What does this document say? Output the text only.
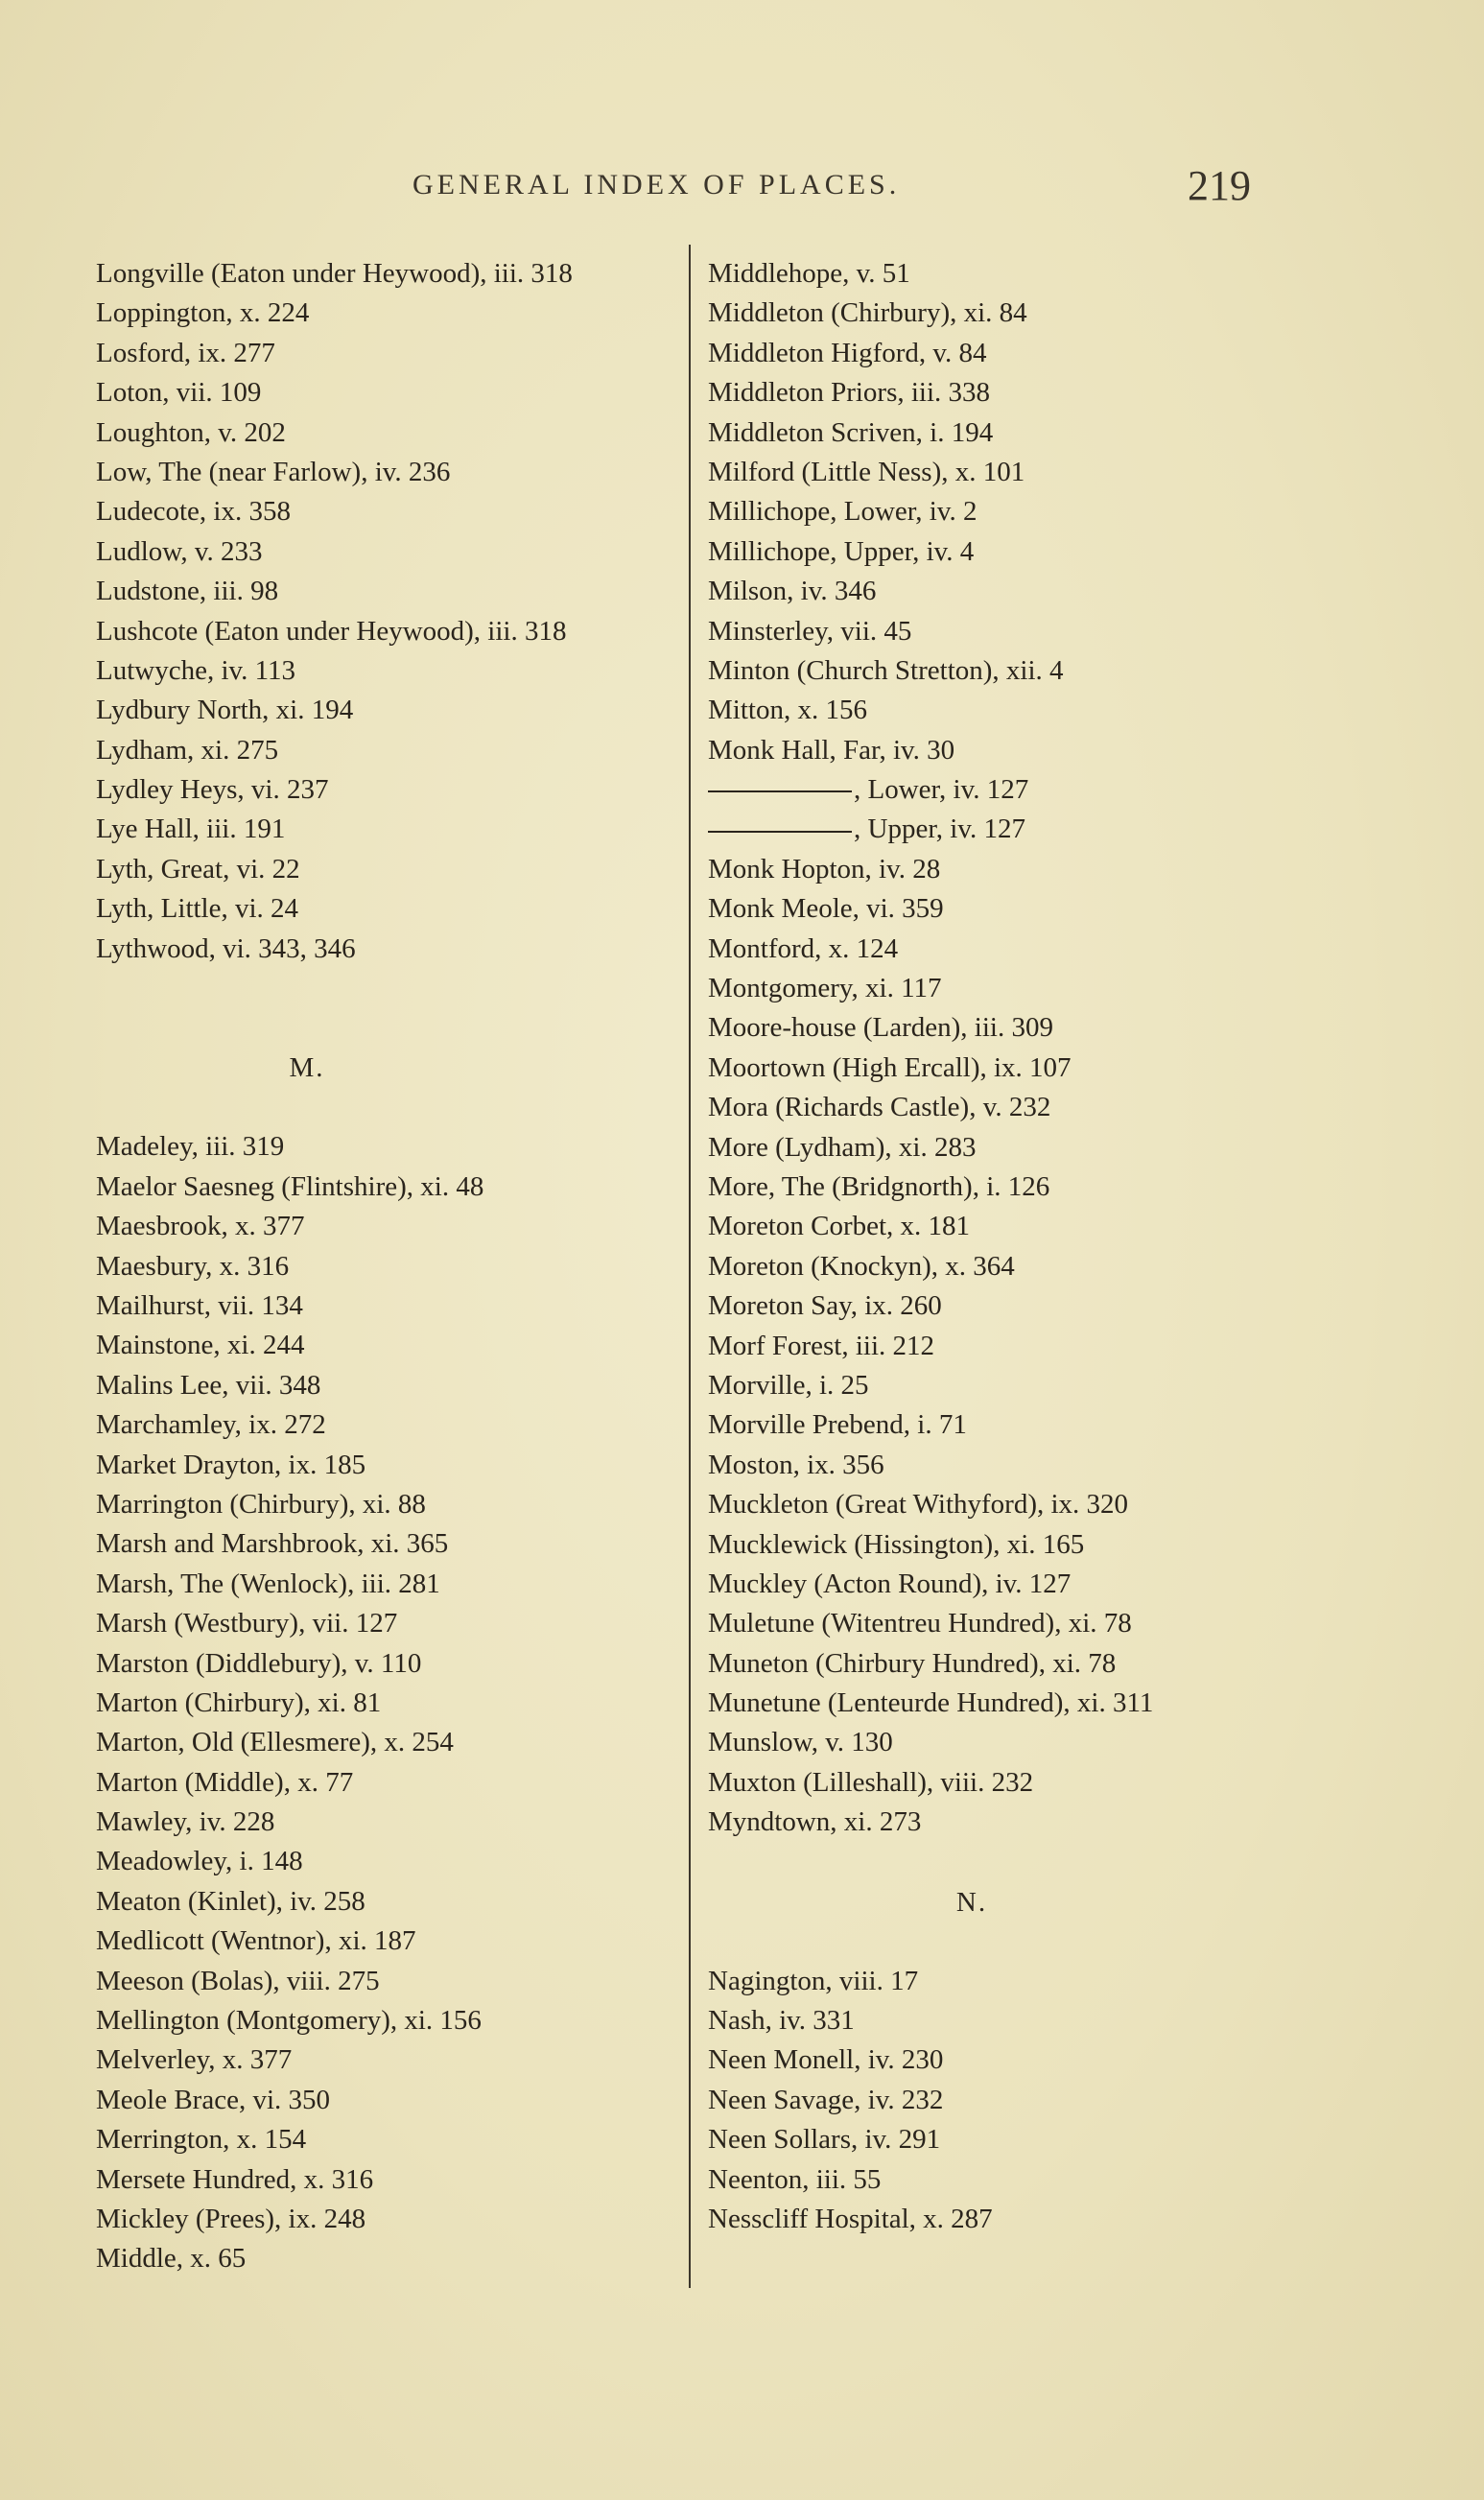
GENERAL INDEX OF PLACES.	219
Longville (Eaton under Heywood), iii. 318
Loppington, x. 224
Losford, ix. 277
Loton, vii. 109
Loughton, v. 202
Low, The (near Farlow), iv. 236
Ludecote, ix. 358
Ludlow, v. 233
Ludstone, iii. 98
Lushcote (Eaton under Heywood), iii. 318
Lutwyche, iv. 113
Lydbury North, xi. 194
Lydham, xi. 275
Lydley Heys, vi. 237
Lye Hall, iii. 191
Lyth, Great, vi. 22
Lyth, Little, vi. 24
Lythwood, vi. 343, 346
M.
Madeley, iii. 319
Maelor Saesneg (Flintshire), xi. 48
Maesbrook, x. 377
Maesbury, x. 316
Mailhurst, vii. 134
Mainstone, xi. 244
Malins Lee, vii. 348
Marchamley, ix. 272
Market Drayton, ix. 185
Marrington (Chirbury), xi. 88
Marsh and Marshbrook, xi. 365
Marsh, The (Wenlock), iii. 281
Marsh (Westbury), vii. 127
Marston (Diddlebury), v. 110
Marton (Chirbury), xi. 81
Marton, Old (Ellesmere), x. 254
Marton (Middle), x. 77
Mawley, iv. 228
Meadowley, i. 148
Meaton (Kinlet), iv. 258
Medlicott (Wentnor), xi. 187
Meeson (Bolas), viii. 275
Mellington (Montgomery), xi. 156
Melverley, x. 377
Meole Brace, vi. 350
Merrington, x. 154
Mersete Hundred, x. 316
Mickley (Prees), ix. 248
Middle, x. 65
Middlehope, v. 51
Middleton (Chirbury), xi. 84
Middleton Higford, v. 84
Middleton Priors, iii. 338
Middleton Scriven, i. 194
Milford (Little Ness), x. 101
Millichope, Lower, iv. 2
Millichope, Upper, iv. 4
Milson, iv. 346
Minsterley, vii. 45
Minton (Church Stretton), xii. 4
Mitton, x. 156
Monk Hall, Far, iv. 30
, Lower, iv. 127
, Upper, iv. 127
Monk Hopton, iv. 28
Monk Meole, vi. 359
Montford, x. 124
Montgomery, xi. 117
Moore-house (Larden), iii. 309
Moortown (High Ercall), ix. 107
Mora (Richards Castle), v. 232
More (Lydham), xi. 283
More, The (Bridgnorth), i. 126
Moreton Corbet, x. 181
Moreton (Knockyn), x. 364
Moreton Say, ix. 260
Morf Forest, iii. 212
Morville, i. 25
Morville Prebend, i. 71
Moston, ix. 356
Muckleton (Great Withyford), ix. 320
Mucklewick (Hissington), xi. 165
Muckley (Acton Round), iv. 127
Muletune (Witentreu Hundred), xi. 78
Muneton (Chirbury Hundred), xi. 78
Munetune (Lenteurde Hundred), xi. 311
Munslow, v. 130
Muxton (Lilleshall), viii. 232
Myndtown, xi. 273
N.
Nagington, viii. 17
Nash, iv. 331
Neen Monell, iv. 230
Neen Savage, iv. 232
Neen Sollars, iv. 291
Neenton, iii. 55
Nesscliff Hospital, x. 287
